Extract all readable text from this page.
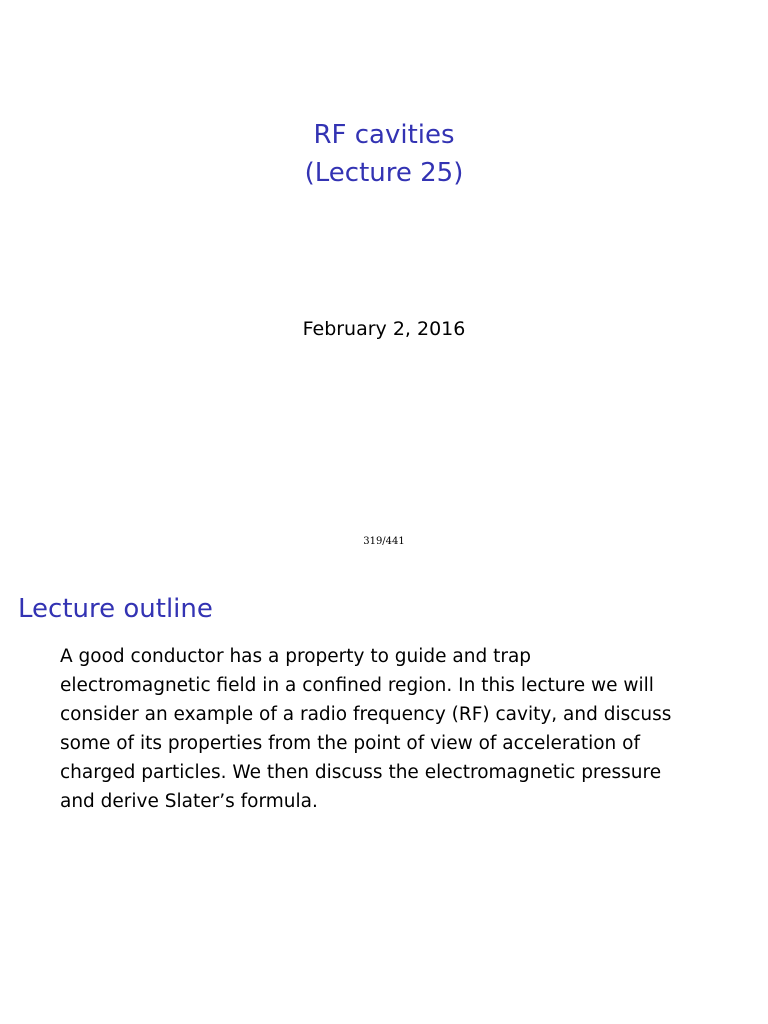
RF cavities
(Lecture 25)
February 2, 2016
319/441
Lecture outline
A good conductor has a property to guide and trap
electromagnetic field in a confined region. In this lecture we will
consider an example of a radio frequency (RF) cavity, and discuss
some of its properties from the point of view of acceleration of
charged particles. We then discuss the electromagnetic pressure
and derive Slater’s formula.
